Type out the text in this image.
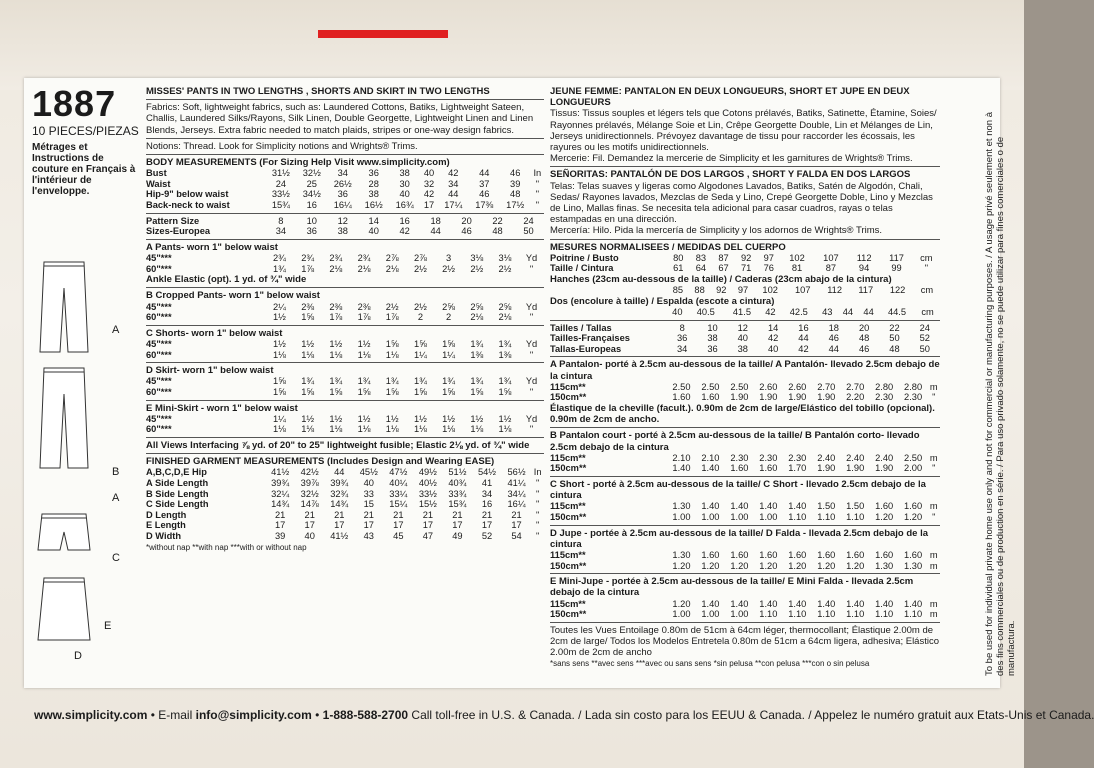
1887
10 PIECES/PIEZAS
Métrages et Instructions de couture en Français à l'intérieur de l'enveloppe.
A
B
A
C
E
D
MISSES' PANTS IN TWO LENGTHS , SHORTS AND SKIRT IN TWO LENGTHS
Fabrics: Soft, lightweight fabrics, such as: Laundered Cottons, Batiks, Lightweight Sateen, Challis, Laundered Silks/Rayons, Silk Linen, Double Georgette, Lightweight Linen and Linen Blends, Jerseys. Extra fabric needed to match plaids, stripes or one-way design fabrics.
Notions: Thread. Look for Simplicity notions and Wrights® Trims.
BODY MEASUREMENTS (For Sizing Help Visit www.simplicity.com)
Bust	31½	32½	34	36	38	40	42	44	46	In
Waist	24	25	26½	28	30	32	34	37	39	"
Hip-9" below waist	33½	34½	36	38	40	42	44	46	48	"
Back-neck to waist	15¾	16	16¼	16½	16¾	17	17¼	17⅜	17½	"
Pattern Size	8	10	12	14	16	18	20	22	24	
Sizes-Europea	34	36	38	40	42	44	46	48	50	
A Pants- worn 1" below waist
45"***	2¾	2¾	2¾	2¾	2⅞	2⅞	3	3⅛	3⅛	Yd
60"***	1¾	1⅞	2⅛	2⅛	2⅛	2½	2½	2½	2½	"
Ankle Elastic (opt). 1 yd. of ¾" wide
B Cropped Pants- worn 1" below waist
45"***	2¼	2⅜	2⅜	2⅜	2½	2½	2⅝	2⅝	2⅝	Yd
60"***	1½	1⅝	1⅞	1⅞	1⅞	2	2	2⅛	2⅛	"
C Shorts- worn 1" below waist
45"***	1½	1½	1½	1½	1⅝	1⅝	1⅝	1¾	1¾	Yd
60"***	1⅛	1⅛	1⅛	1⅛	1⅛	1¼	1¼	1⅜	1⅜	"
D Skirt- worn 1" below waist
45"***	1⅝	1¾	1¾	1¾	1¾	1¾	1¾	1¾	1¾	Yd
60"***	1⅝	1⅝	1⅝	1⅝	1⅝	1⅝	1⅝	1⅝	1⅝	"
E Mini-Skirt - worn 1" below waist
45"***	1¼	1½	1½	1½	1½	1½	1½	1½	1½	Yd
60"***	1⅛	1⅛	1⅛	1⅛	1⅛	1⅛	1⅛	1⅛	1⅛	"
All Views Interfacing ⅞ yd. of 20" to 25" lightweight fusible; Elastic 2⅛ yd. of ¾" wide
FINISHED GARMENT MEASUREMENTS (Includes Design and Wearing EASE)
A,B,C,D,E Hip	41½	42½	44	45½	47½	49½	51½	54½	56½	In
A Side Length	39¾	39⅞	39¾	40	40¼	40½	40¾	41	41¼	"
B Side Length	32¼	32½	32¾	33	33¼	33½	33¾	34	34¼	"
C Side Length	14¾	14⅞	14¾	15	15¼	15½	15¾	16	16¼	"
D Length	21	21	21	21	21	21	21	21	21	"
E Length	17	17	17	17	17	17	17	17	17	"
D Width	39	40	41½	43	45	47	49	52	54	"
*without nap **with nap ***with or without nap
JEUNE FEMME: PANTALON EN DEUX LONGUEURS, SHORT ET JUPE EN DEUX LONGUEURS
Tissus: Tissus souples et légers tels que Cotons prélavés, Batiks, Satinette, Étamine, Soies/ Rayonnes prélavés, Mélange Soie et Lin, Crêpe Georgette Double, Lin et Mélanges de Lin, Jerseys unidirectionnels. Prévoyez davantage de tissu pour raccorder les écossais, les rayures ou les motifs unidirectionnels.
Mercerie: Fil. Demandez la mercerie de Simplicity et les garnitures de Wrights® Trims.
SEÑORITAS: PANTALÓN DE DOS LARGOS , SHORT Y FALDA EN DOS LARGOS
Telas: Telas suaves y ligeras como Algodones Lavados, Batiks, Satén de Algodón, Chali, Sedas/ Rayones lavados, Mezclas de Seda y Lino, Crepé Georgette Doble, Lino y Mezclas de Lino, Mallas finas. Se necesita tela adicional para casar cuadros, rayas o telas estampadas en una dirección.
Mercería: Hilo. Pida la mercería de Simplicity y los adornos de Wrights® Trims.
MESURES NORMALISEES / MEDIDAS DEL CUERPO
Poitrine / Busto	80	83	87	92	97	102	107	112	117	cm
Taille / Cintura	61	64	67	71	76	81	87	94	99	"
Hanches (23cm au-dessous de la taille) / Caderas (23cm abajo de la cintura)
	85	88	92	97	102	107	112	117	122	cm
Dos (encolure à taille) / Espalda (escote a cintura)
	40	40.5	41.5	42	42.5	43	44	44	44.5	cm
Tailles / Tallas	8	10	12	14	16	18	20	22	24	
Tailles-Françaises	36	38	40	42	44	46	48	50	52	
Tallas-Europeas	34	36	38	40	42	44	46	48	50	
A Pantalon- porté à 2.5cm au-dessous de la taille/ A Pantalón- llevado 2.5cm debajo de la cintura
115cm**	2.50	2.50	2.50	2.60	2.60	2.70	2.70	2.80	2.80	m
150cm**	1.60	1.60	1.90	1.90	1.90	1.90	2.20	2.30	2.30	"
Élastique de la cheville (facult.). 0.90m de 2cm de large/Elástico del tobillo (opcional). 0.90m de 2cm de ancho.
B Pantalon court - porté à 2.5cm au-dessous de la taille/ B Pantalón corto- llevado 2.5cm debajo de la cintura
115cm**	2.10	2.10	2.30	2.30	2.30	2.40	2.40	2.40	2.50	m
150cm**	1.40	1.40	1.60	1.60	1.70	1.90	1.90	1.90	2.00	"
C Short - porté à 2.5cm au-dessous de la taille/ C Short - llevado 2.5cm debajo de la cintura
115cm**	1.30	1.40	1.40	1.40	1.40	1.50	1.50	1.60	1.60	m
150cm**	1.00	1.00	1.00	1.00	1.10	1.10	1.10	1.20	1.20	"
D Jupe - portée à 2.5cm au-dessous de la taille/ D Falda - llevada 2.5cm debajo de la cintura
115cm**	1.30	1.60	1.60	1.60	1.60	1.60	1.60	1.60	1.60	m
150cm**	1.20	1.20	1.20	1.20	1.20	1.20	1.20	1.30	1.30	m
E Mini-Jupe - portée à 2.5cm au-dessous de la taille/ E Mini Falda - llevada 2.5cm debajo de la cintura
115cm**	1.20	1.40	1.40	1.40	1.40	1.40	1.40	1.40	1.40	m
150cm**	1.00	1.00	1.00	1.10	1.10	1.10	1.10	1.10	1.10	m
Toutes les Vues Entoilage 0.80m de 51cm à 64cm léger, thermocollant; Élastique 2.00m de 2cm de large/ Todos los Modelos Entretela 0.80m de 51cm a 64cm ligera, adhesiva; Elástico 2.00m de 2cm de ancho
*sans sens **avec sens ***avec ou sans sens *sin pelusa **con pelusa ***con o sin pelusa	To be used for individual private home use only and not for commercial or manufacturing purposes. / A usage privé seulement et non à des fins commerciales ou de production en série. / Para uso privado solamente, no se puede utilizar para fines comerciales o de manufactura.
www.simplicity.com • E-mail info@simplicity.com • 1-888-588-2700 Call toll-free in U.S. & Canada. / Lada sin costo para los EEUU & Canada. / Appelez le numéro gratuit aux Etats-Unis et Canada.
